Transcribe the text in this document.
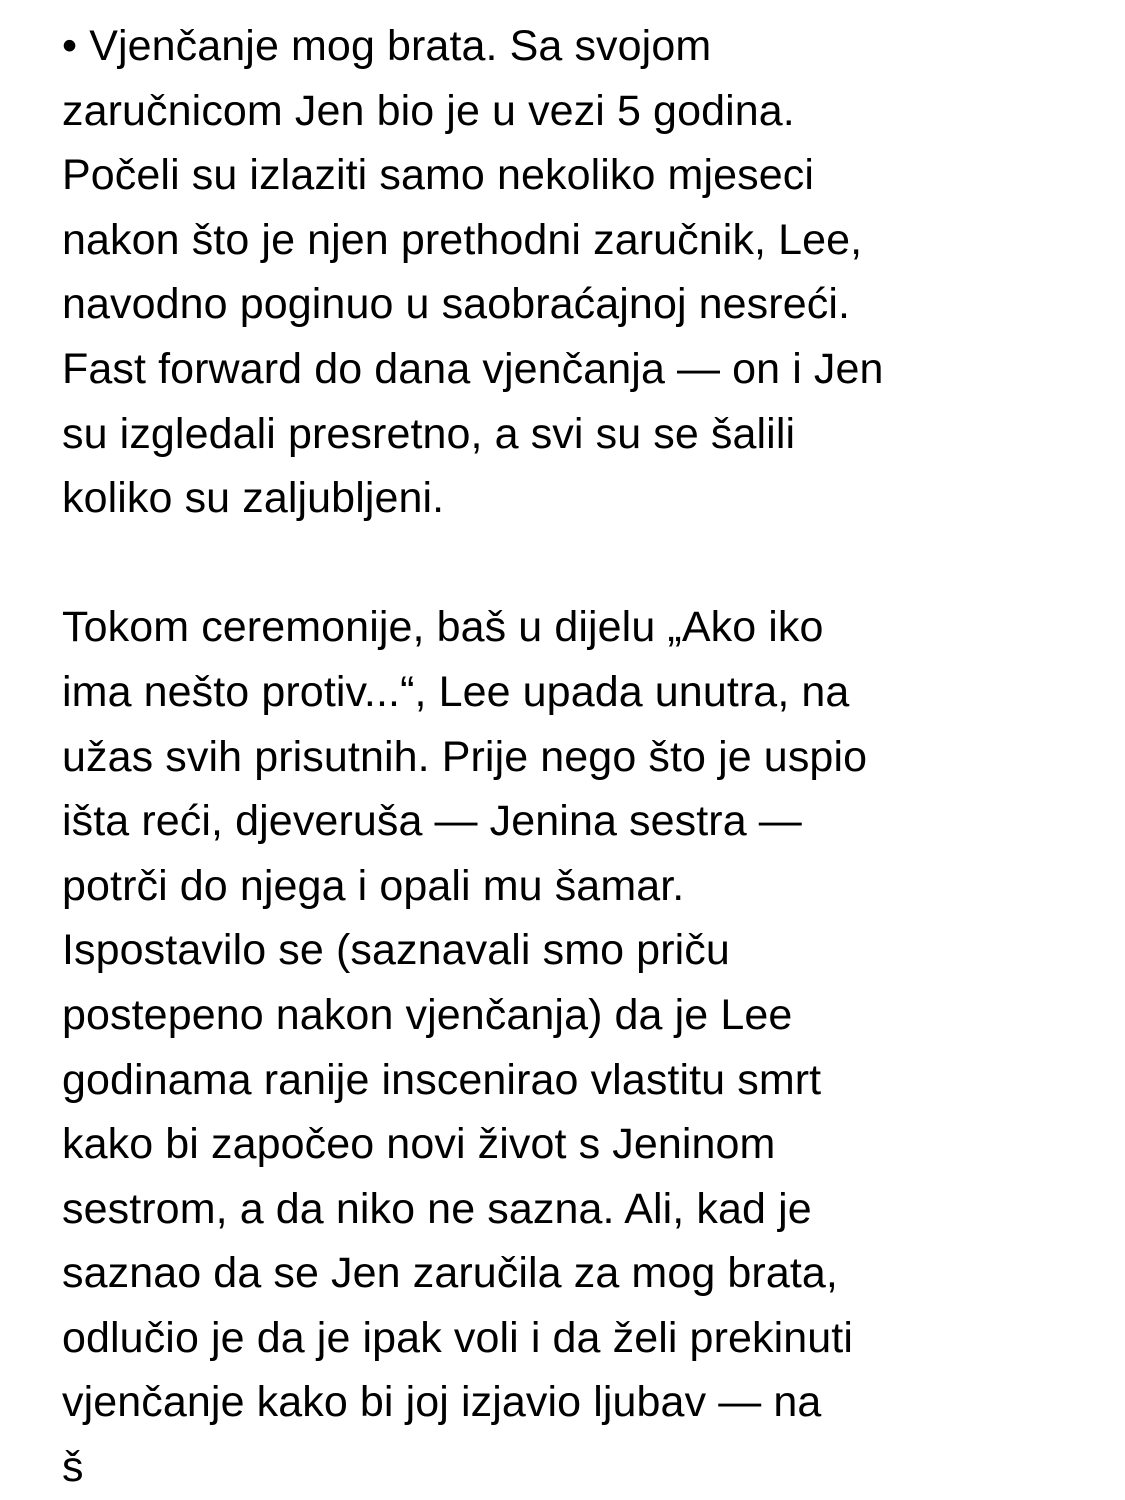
• Vjenčanje mog brata. Sa svojom
zaručnicom Jen bio je u vezi 5 godina.
Počeli su izlaziti samo nekoliko mjeseci
nakon što je njen prethodni zaručnik, Lee,
navodno poginuo u saobraćajnoj nesreći.
Fast forward do dana vjenčanja — on i Jen
su izgledali presretno, a svi su se šalili
koliko su zaljubljeni.
Tokom ceremonije, baš u dijelu „Ako iko
ima nešto protiv...“, Lee upada unutra, na
užas svih prisutnih. Prije nego što je uspio
išta reći, djeveruša — Jenina sestra —
potrči do njega i opali mu šamar.
Ispostavilo se (saznavali smo priču
postepeno nakon vjenčanja) da je Lee
godinama ranije inscenirao vlastitu smrt
kako bi započeo novi život s Jeninom
sestrom, a da niko ne sazna. Ali, kad je
saznao da se Jen zaručila za mog brata,
odlučio je da je ipak voli i da želi prekinuti
vjenčanje kako bi joj izjavio ljubav — na
š
